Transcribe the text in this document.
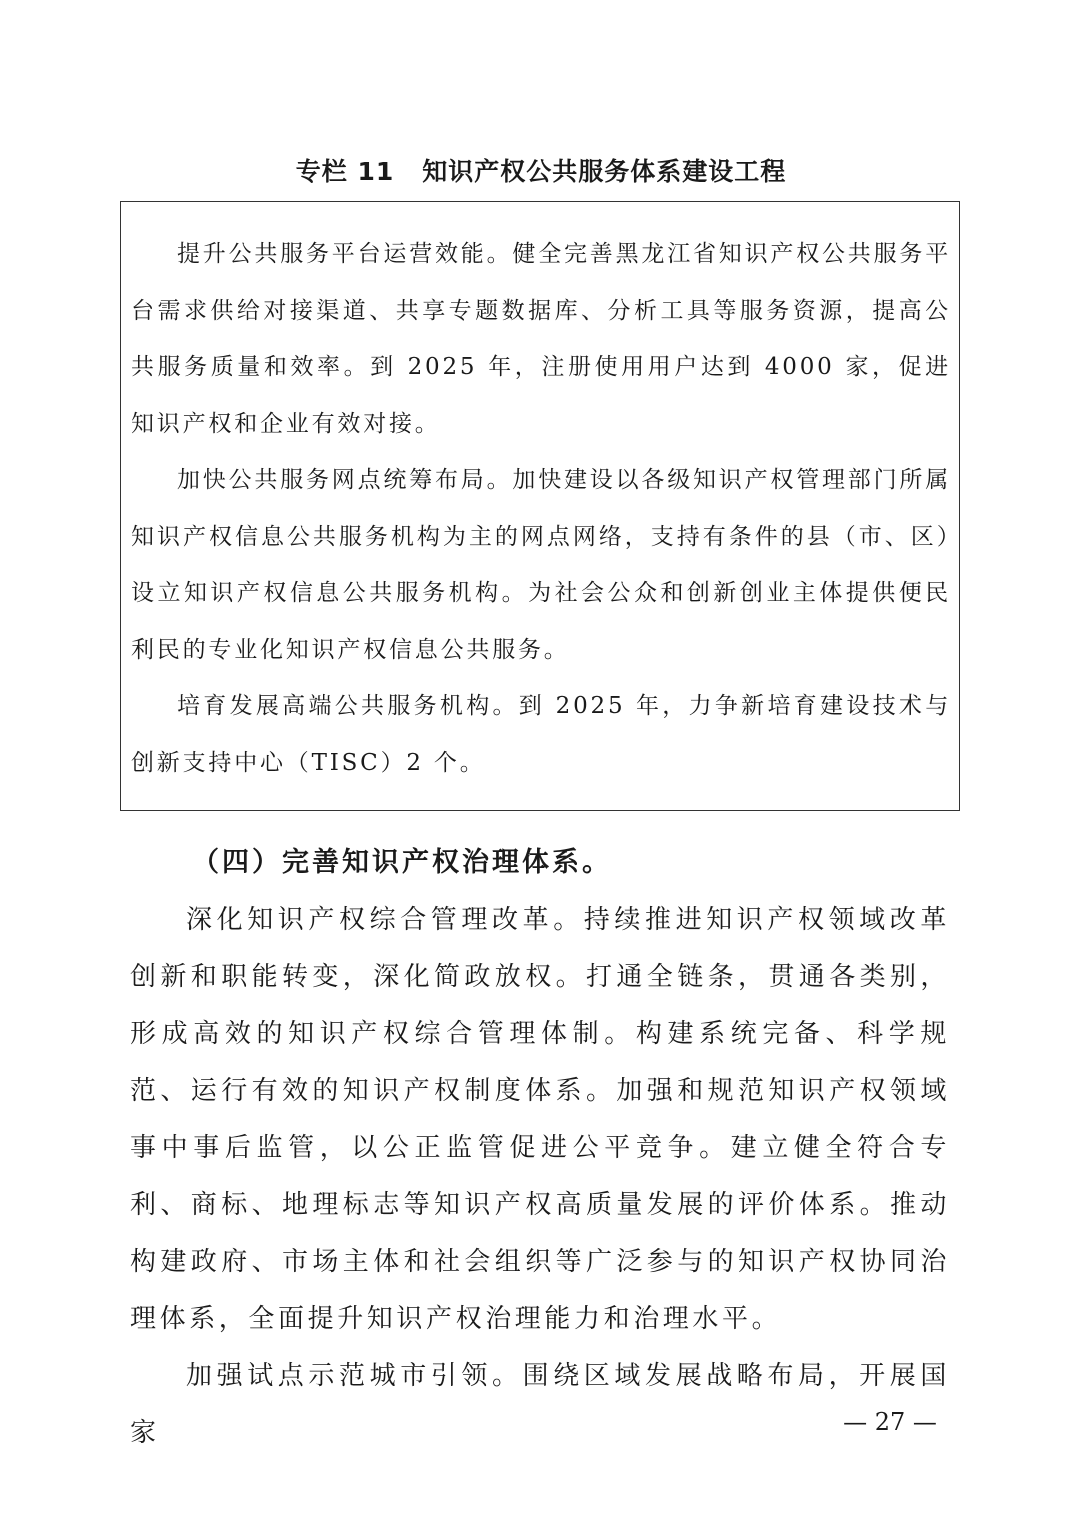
专栏 11 知识产权公共服务体系建设工程

提升公共服务平台运营效能。健全完善黑龙江省知识产权公共服务平台需求供给对接渠道、共享专题数据库、分析工具等服务资源，提高公共服务质量和效率。到 2025 年，注册使用用户达到 4000 家，促进知识产权和企业有效对接。

加快公共服务网点统筹布局。加快建设以各级知识产权管理部门所属知识产权信息公共服务机构为主的网点网络，支持有条件的县（市、区）设立知识产权信息公共服务机构。为社会公众和创新创业主体提供便民利民的专业化知识产权信息公共服务。

培育发展高端公共服务机构。到 2025 年，力争新培育建设技术与创新支持中心（TISC）2 个。

（四）完善知识产权治理体系。

深化知识产权综合管理改革。持续推进知识产权领域改革创新和职能转变，深化简政放权。打通全链条，贯通各类别，形成高效的知识产权综合管理体制。构建系统完备、科学规范、运行有效的知识产权制度体系。加强和规范知识产权领域事中事后监管，以公正监管促进公平竞争。建立健全符合专利、商标、地理标志等知识产权高质量发展的评价体系。推动构建政府、市场主体和社会组织等广泛参与的知识产权协同治理体系，全面提升知识产权治理能力和治理水平。

加强试点示范城市引领。围绕区域发展战略布局，开展国家	— 27 —
